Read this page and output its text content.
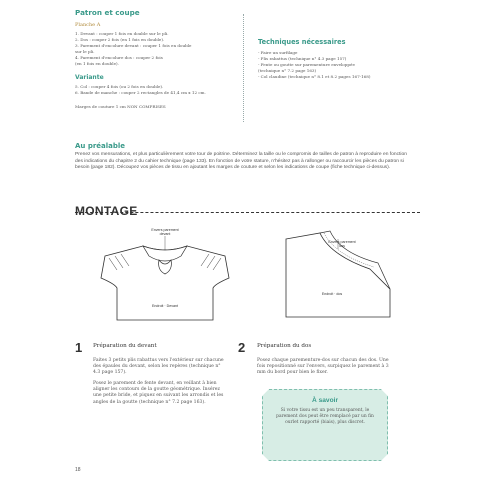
Patron et coupe
Planche A
1. Devant : couper 1 fois en double sur le pli.
2. Dos : couper 2 fois (en 1 fois en double).
3. Parement d'encolure devant : couper 1 fois en double
sur le pli.
4. Parement d'encolure dos : couper 2 fois
(en 1 fois en double).
Variante
5. Col : couper 4 fois (ou 2 fois en double).
6. Bande de manche : couper 2 rectangles de 41,4 cm x 12 cm.
Marges de couture 1 cm NON COMPRISES
Techniques nécessaires
- Faire un surfilage
- Plis rabattus (technique n° 4.3 page 157)
- Fente ou goutte sur parementure enveloppée
(technique n° 7.2 page 163)
- Col claudine (technique n° 8.1 et 8.2 pages 167-168)
Au préalable
Prenez vos mensurations, et plus particulièrement votre tour de poitrine. Déterminez la taille ou le compromis de tailles de patron à reproduire en fonction des indications du chapitre 2 du cahier technique (page 133). En fonction de votre stature, n'hésitez pas à rallonger ou raccourcir les pièces du patron si besoin (page 182). Découpez vos pièces de tissu en ajoutant les marges de couture et selon les indications de coupe (fiche technique ci-dessus).
MONTAGE
Envers parement
devant
Endroit · Devant
Envers parement
dos
Endroit · dos
1 Préparation du devant

Faites 3 petits plis rabattus vers l'extérieur sur chacune des épaules du devant, selon les repères (technique n° 4.3 page 157).

Posez le parement de fente devant, en veillant à bien aligner les contours de la goutte géométrique. Insérez une petite bride, et piquez en suivant les arrondis et les angles de la goutte (technique n° 7.2 page 163).

2 Préparation du dos

Posez chaque parementure-dos sur chacun des dos. Une fois repositionné sur l'envers, surpiquez le parement à 3 mm du bord pour bien le fixer.

À savoir
Si votre tissu est un peu transparent, le parement dos peut être remplacé par un fin ourlet rapporté (biais), plus discret.
18
